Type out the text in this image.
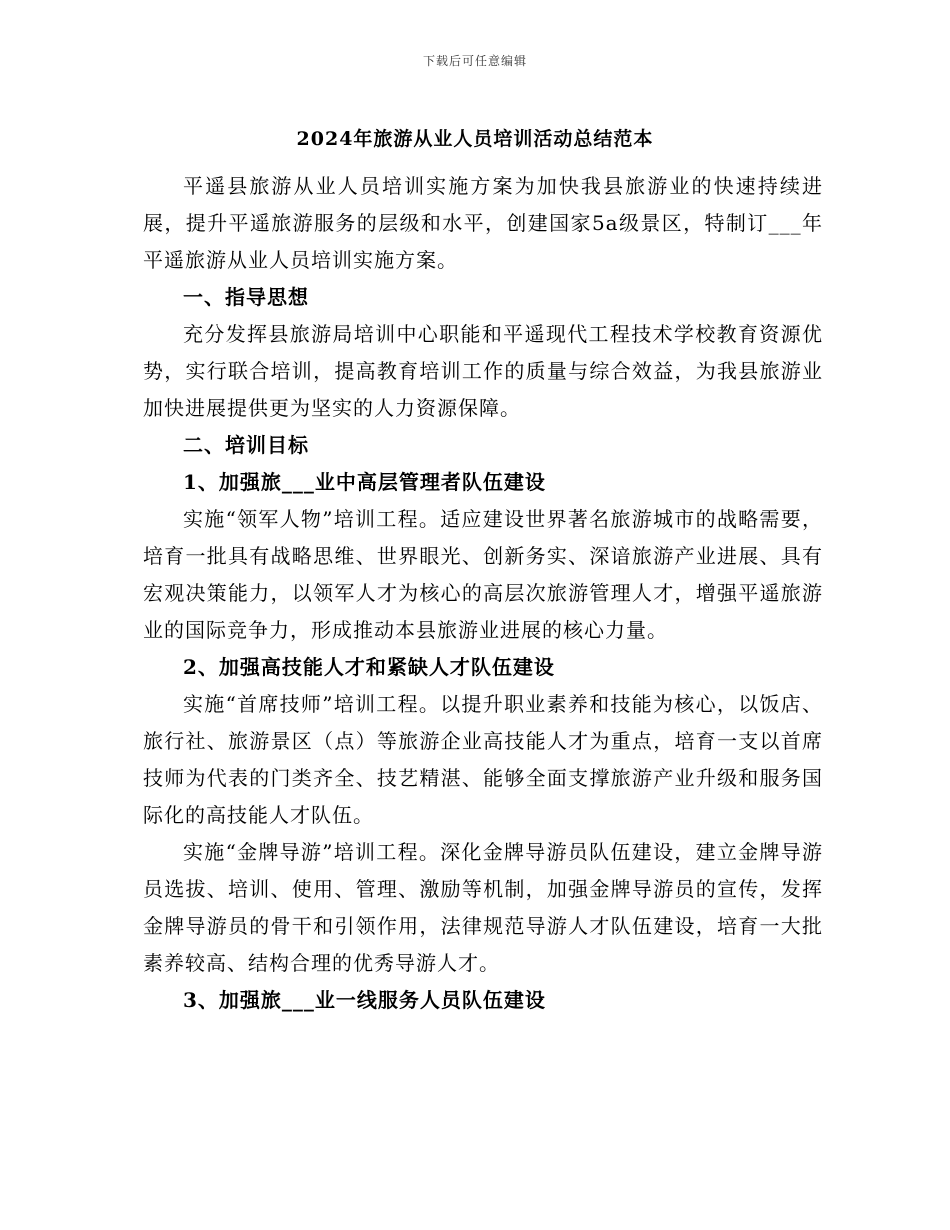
下载后可任意编辑
2024年旅游从业人员培训活动总结范本

平遥县旅游从业人员培训实施方案为加快我县旅游业的快速持续进展，提升平遥旅游服务的层级和水平，创建国家5a级景区，特制订___年平遥旅游从业人员培训实施方案。

一、指导思想

充分发挥县旅游局培训中心职能和平遥现代工程技术学校教育资源优势，实行联合培训，提高教育培训工作的质量与综合效益，为我县旅游业加快进展提供更为坚实的人力资源保障。

二、培训目标

1、加强旅___业中高层管理者队伍建设

实施“领军人物”培训工程。适应建设世界著名旅游城市的战略需要，培育一批具有战略思维、世界眼光、创新务实、深谙旅游产业进展、具有宏观决策能力，以领军人才为核心的高层次旅游管理人才，增强平遥旅游业的国际竞争力，形成推动本县旅游业进展的核心力量。

2、加强高技能人才和紧缺人才队伍建设

实施“首席技师”培训工程。以提升职业素养和技能为核心，以饭店、旅行社、旅游景区（点）等旅游企业高技能人才为重点，培育一支以首席技师为代表的门类齐全、技艺精湛、能够全面支撑旅游产业升级和服务国际化的高技能人才队伍。

实施“金牌导游”培训工程。深化金牌导游员队伍建设，建立金牌导游员选拔、培训、使用、管理、激励等机制，加强金牌导游员的宣传，发挥金牌导游员的骨干和引领作用，法律规范导游人才队伍建设，培育一大批素养较高、结构合理的优秀导游人才。

3、加强旅___业一线服务人员队伍建设
